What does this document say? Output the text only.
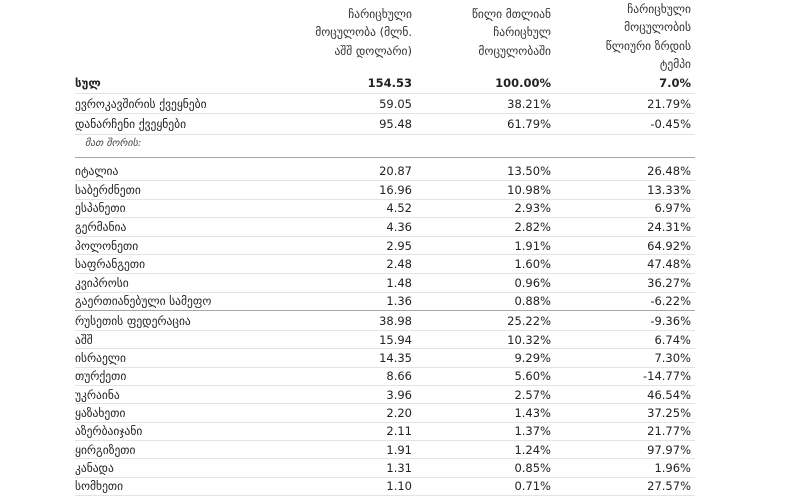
ჩარიცხული
მოცულობა (მლნ.
აშშ დოლარი)
წილი მთლიან
ჩარიცხულ
მოცულობაში
ჩარიცხული
მოცულობის
წლიური ზრდის
ტემპი
სულ	154.53	100.00%	7.0%
ევროკავშირის ქვეყნები	59.05	38.21%	21.79%
დანარჩენი ქვეყნები	95.48	61.79%	-0.45%
მათ შორის:
იტალია	20.87	13.50%	26.48%
საბერძნეთი	16.96	10.98%	13.33%
ესპანეთი	4.52	2.93%	6.97%
გერმანია	4.36	2.82%	24.31%
პოლონეთი	2.95	1.91%	64.92%
საფრანგეთი	2.48	1.60%	47.48%
კვიპროსი	1.48	0.96%	36.27%
გაერთიანებული სამეფო	1.36	0.88%	-6.22%
რუსეთის ფედერაცია	38.98	25.22%	-9.36%
აშშ	15.94	10.32%	6.74%
ისრაელი	14.35	9.29%	7.30%
თურქეთი	8.66	5.60%	-14.77%
უკრაინა	3.96	2.57%	46.54%
ყაზახეთი	2.20	1.43%	37.25%
აზერბაიჯანი	2.11	1.37%	21.77%
ყირგიზეთი	1.91	1.24%	97.97%
კანადა	1.31	0.85%	1.96%
სომხეთი	1.10	0.71%	27.57%
